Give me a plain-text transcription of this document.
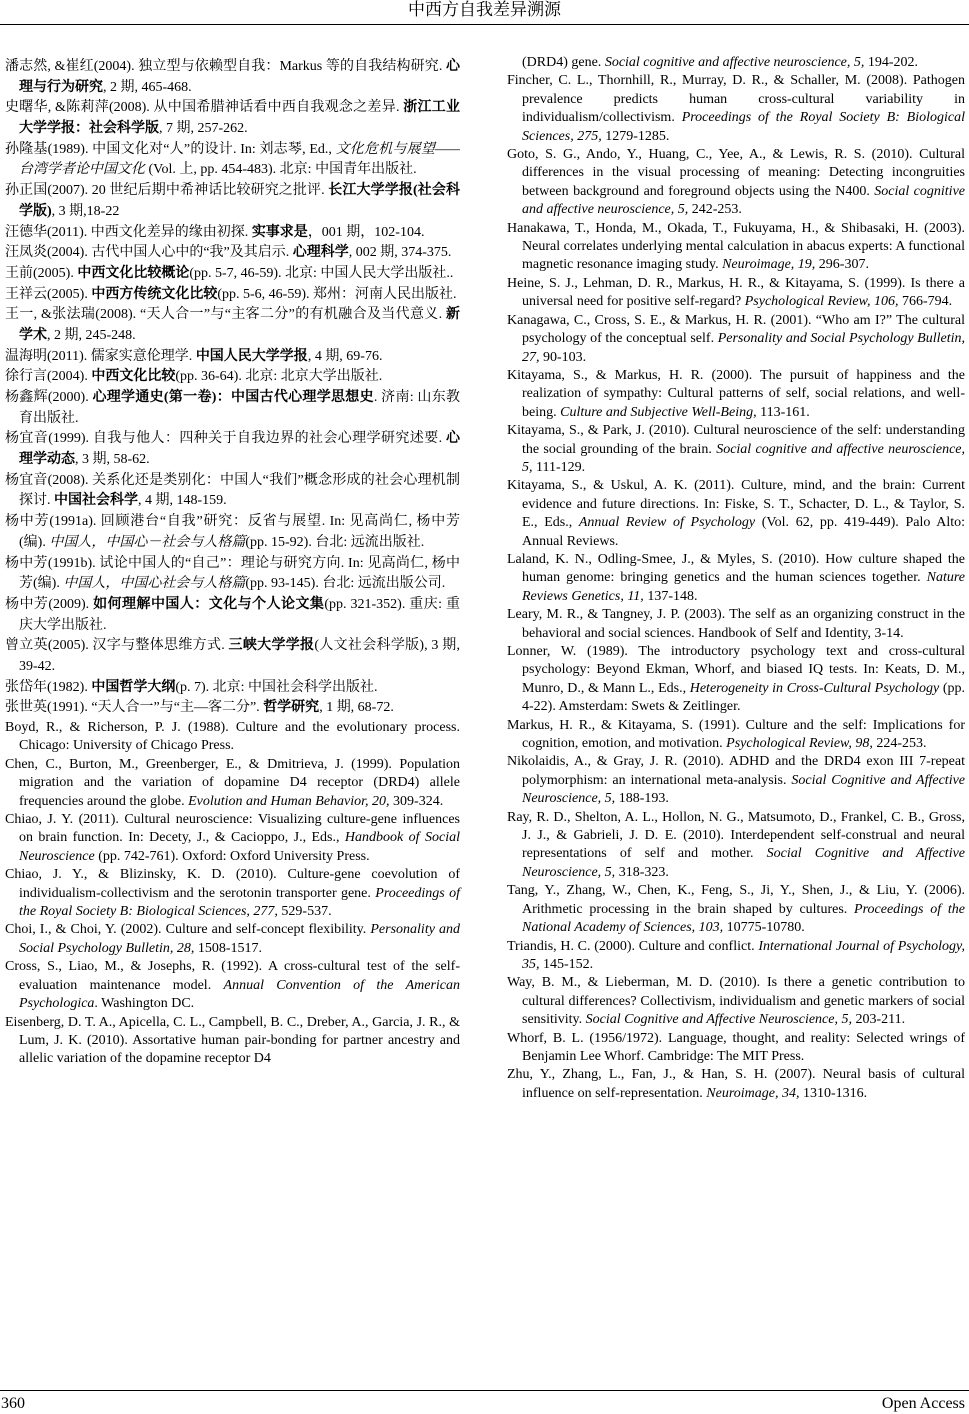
中西方自我差异溯源

潘志然, &崔红(2004). 独立型与依赖型自我：Markus 等的自我结构研究. 心理与行为研究, 2 期, 465-468.

史曙华, &陈莉萍(2008). 从中国希腊神话看中西自我观念之差异. 浙江工业大学学报：社会科学版, 7 期, 257-262.

孙隆基(1989). 中国文化对“人”的设计. In: 刘志琴, Ed., 文化危机与展望——台湾学者论中国文化 (Vol. 上, pp. 454-483). 北京: 中国青年出版社.

孙正国(2007). 20 世纪后期中希神话比较研究之批评. 长江大学学报(社会科学版), 3 期,18-22

汪德华(2011). 中西文化差异的缘由初探. 实事求是，001 期，102-104.

汪凤炎(2004). 古代中国人心中的“我”及其启示. 心理科学, 002 期, 374-375.

王前(2005). 中西文化比较概论(pp. 5-7, 46-59). 北京: 中国人民大学出版社..

王祥云(2005). 中西方传统文化比较(pp. 5-6, 46-59). 郑州：河南人民出版社.

王一, &张法瑞(2008). “天人合一”与“主客二分”的有机融合及当代意义. 新学术, 2 期, 245-248.

温海明(2011). 儒家实意伦理学. 中国人民大学学报, 4 期, 69-76.

徐行言(2004). 中西文化比较(pp. 36-64). 北京: 北京大学出版社.

杨鑫辉(2000). 心理学通史(第一卷)：中国古代心理学思想史. 济南: 山东教育出版社.

杨宜音(1999). 自我与他人：四种关于自我边界的社会心理学研究述要. 心理学动态, 3 期, 58-62.

杨宜音(2008). 关系化还是类别化：中国人“我们”概念形成的社会心理机制探讨. 中国社会科学, 4 期, 148-159.

杨中芳(1991a). 回顾港台“自我”研究：反省与展望. In: 见高尚仁, 杨中芳(编). 中国人，中国心－社会与人格篇(pp. 15-92). 台北: 远流出版社.

杨中芳(1991b). 试论中国人的“自己”：理论与研究方向. In: 见高尚仁, 杨中芳(编). 中国人，中国心社会与人格篇(pp. 93-145). 台北: 远流出版公司.

杨中芳(2009). 如何理解中国人：文化与个人论文集(pp. 321-352). 重庆: 重庆大学出版社.

曾立英(2005). 汉字与整体思维方式. 三峡大学学报(人文社会科学版), 3 期, 39-42.

张岱年(1982). 中国哲学大纲(p. 7). 北京: 中国社会科学出版社.

张世英(1991). “天人合一”与“主—客二分”. 哲学研究, 1 期, 68-72.

Boyd, R., & Richerson, P. J. (1988). Culture and the evolutionary process. Chicago: University of Chicago Press.

Chen, C., Burton, M., Greenberger, E., & Dmitrieva, J. (1999). Population migration and the variation of dopamine D4 receptor (DRD4) allele frequencies around the globe. Evolution and Human Behavior, 20, 309-324.

Chiao, J. Y. (2011). Cultural neuroscience: Visualizing culture-gene influences on brain function. In: Decety, J., & Cacioppo, J., Eds., Handbook of Social Neuroscience (pp. 742-761). Oxford: Oxford University Press.

Chiao, J. Y., & Blizinsky, K. D. (2010). Culture-gene coevolution of individualism-collectivism and the serotonin transporter gene. Proceedings of the Royal Society B: Biological Sciences, 277, 529-537.

Choi, I., & Choi, Y. (2002). Culture and self-concept flexibility. Personality and Social Psychology Bulletin, 28, 1508-1517.

Cross, S., Liao, M., & Josephs, R. (1992). A cross-cultural test of the self-evaluation maintenance model. Annual Convention of the American Psychologica. Washington DC.

Eisenberg, D. T. A., Apicella, C. L., Campbell, B. C., Dreber, A., Garcia, J. R., & Lum, J. K. (2010). Assortative human pair-bonding for partner ancestry and allelic variation of the dopamine receptor D4

(DRD4) gene. Social cognitive and affective neuroscience, 5, 194-202.

Fincher, C. L., Thornhill, R., Murray, D. R., & Schaller, M. (2008). Pathogen prevalence predicts human cross-cultural variability in individualism/collectivism. Proceedings of the Royal Society B: Biological Sciences, 275, 1279-1285.

Goto, S. G., Ando, Y., Huang, C., Yee, A., & Lewis, R. S. (2010). Cultural differences in the visual processing of meaning: Detecting incongruities between background and foreground objects using the N400. Social cognitive and affective neuroscience, 5, 242-253.

Hanakawa, T., Honda, M., Okada, T., Fukuyama, H., & Shibasaki, H. (2003). Neural correlates underlying mental calculation in abacus experts: A functional magnetic resonance imaging study. Neuroimage, 19, 296-307.

Heine, S. J., Lehman, D. R., Markus, H. R., & Kitayama, S. (1999). Is there a universal need for positive self-regard? Psychological Review, 106, 766-794.

Kanagawa, C., Cross, S. E., & Markus, H. R. (2001). “Who am I?” The cultural psychology of the conceptual self. Personality and Social Psychology Bulletin, 27, 90-103.

Kitayama, S., & Markus, H. R. (2000). The pursuit of happiness and the realization of sympathy: Cultural patterns of self, social relations, and well-being. Culture and Subjective Well-Being, 113-161.

Kitayama, S., & Park, J. (2010). Cultural neuroscience of the self: understanding the social grounding of the brain. Social cognitive and affective neuroscience, 5, 111-129.

Kitayama, S., & Uskul, A. K. (2011). Culture, mind, and the brain: Current evidence and future directions. In: Fiske, S. T., Schacter, D. L., & Taylor, S. E., Eds., Annual Review of Psychology (Vol. 62, pp. 419-449). Palo Alto: Annual Reviews.

Laland, K. N., Odling-Smee, J., & Myles, S. (2010). How culture shaped the human genome: bringing genetics and the human sciences together. Nature Reviews Genetics, 11, 137-148.

Leary, M. R., & Tangney, J. P. (2003). The self as an organizing construct in the behavioral and social sciences. Handbook of Self and Identity, 3-14.

Lonner, W. (1989). The introductory psychology text and cross-cultural psychology: Beyond Ekman, Whorf, and biased IQ tests. In: Keats, D. M., Munro, D., & Mann L., Eds., Heterogeneity in Cross-Cultural Psychology (pp. 4-22). Amsterdam: Swets & Zeitlinger.

Markus, H. R., & Kitayama, S. (1991). Culture and the self: Implications for cognition, emotion, and motivation. Psychological Review, 98, 224-253.

Nikolaidis, A., & Gray, J. R. (2010). ADHD and the DRD4 exon III 7-repeat polymorphism: an international meta-analysis. Social Cognitive and Affective Neuroscience, 5, 188-193.

Ray, R. D., Shelton, A. L., Hollon, N. G., Matsumoto, D., Frankel, C. B., Gross, J. J., & Gabrieli, J. D. E. (2010). Interdependent self-construal and neural representations of self and mother. Social Cognitive and Affective Neuroscience, 5, 318-323.

Tang, Y., Zhang, W., Chen, K., Feng, S., Ji, Y., Shen, J., & Liu, Y. (2006). Arithmetic processing in the brain shaped by cultures. Proceedings of the National Academy of Sciences, 103, 10775-10780.

Triandis, H. C. (2000). Culture and conflict. International Journal of Psychology, 35, 145-152.

Way, B. M., & Lieberman, M. D. (2010). Is there a genetic contribution to cultural differences? Collectivism, individualism and genetic markers of social sensitivity. Social Cognitive and Affective Neuroscience, 5, 203-211.

Whorf, B. L. (1956/1972). Language, thought, and reality: Selected wrings of Benjamin Lee Whorf. Cambridge: The MIT Press.

Zhu, Y., Zhang, L., Fan, J., & Han, S. H. (2007). Neural basis of cultural influence on self-representation. Neuroimage, 34, 1310-1316.

360	Open Access
